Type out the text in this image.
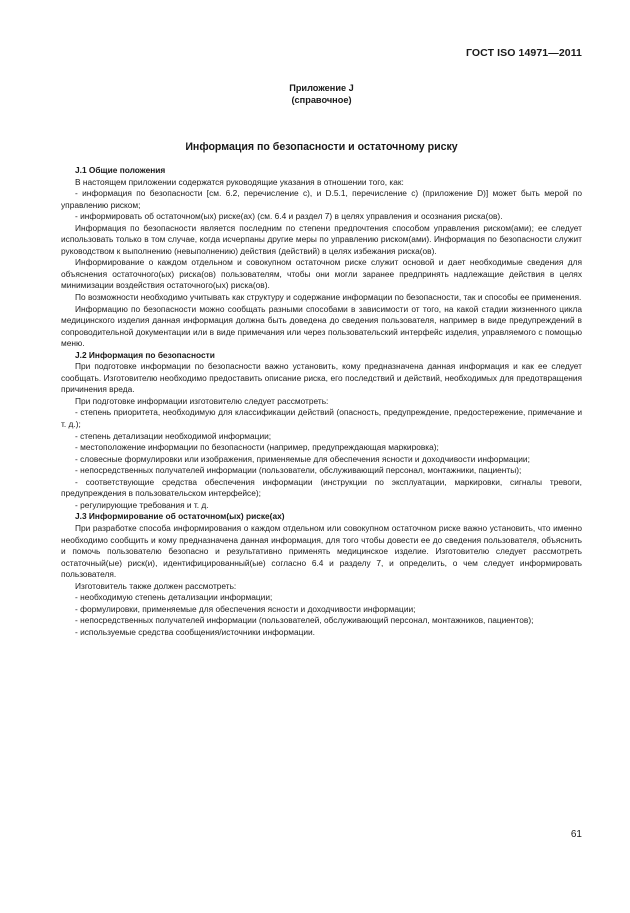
ГОСТ ISO 14971—2011
Приложение J
(справочное)
Информация по безопасности и остаточному риску

J.1 Общие положения

В настоящем приложении содержатся руководящие указания в отношении того, как:

- информация по безопасности [см. 6.2, перечисление c), и D.5.1, перечисление c) (приложение D)] может быть мерой по управлению риском;

- информировать об остаточном(ых) риске(ах) (см. 6.4 и раздел 7) в целях управления и осознания риска(ов).

Информация по безопасности является последним по степени предпочтения способом управления риском(ами); ее следует использовать только в том случае, когда исчерпаны другие меры по управлению риском(ами). Информация по безопасности служит руководством к выполнению (невыполнению) действия (действий) в целях избежания риска(ов).

Информирование о каждом отдельном и совокупном остаточном риске служит основой и дает необходимые сведения для объяснения остаточного(ых) риска(ов) пользователям, чтобы они могли заранее предпринять надлежащие действия в целях минимизации воздействия остаточного(ых) риска(ов).

По возможности необходимо учитывать как структуру и содержание информации по безопасности, так и способы ее применения.

Информацию по безопасности можно сообщать разными способами в зависимости от того, на какой стадии жизненного цикла медицинского изделия данная информация должна быть доведена до сведения пользователя, например в виде предупреждений в сопроводительной документации или в виде примечания или через пользовательский интерфейс изделия, управляемого с помощью меню.

J.2 Информация по безопасности

При подготовке информации по безопасности важно установить, кому предназначена данная информация и как ее следует сообщать. Изготовителю необходимо предоставить описание риска, его последствий и действий, необходимых для предотвращения причинения вреда.

При подготовке информации изготовителю следует рассмотреть:

- степень приоритета, необходимую для классификации действий (опасность, предупреждение, предостережение, примечание и т. д.);

- степень детализации необходимой информации;

- местоположение информации по безопасности (например, предупреждающая маркировка);

- словесные формулировки или изображения, применяемые для обеспечения ясности и доходчивости информации;

- непосредственных получателей информации (пользователи, обслуживающий персонал, монтажники, пациенты);

- соответствующие средства обеспечения информации (инструкции по эксплуатации, маркировки, сигналы тревоги, предупреждения в пользовательском интерфейсе);

- регулирующие требования и т. д.

J.3 Информирование об остаточном(ых) риске(ах)

При разработке способа информирования о каждом отдельном или совокупном остаточном риске важно установить, что именно необходимо сообщить и кому предназначена данная информация, для того чтобы довести ее до сведения пользователя, объяснить и помочь пользователю безопасно и результативно применять медицинское изделие. Изготовителю следует рассмотреть остаточный(ые) риск(и), идентифицированный(ые) согласно 6.4 и разделу 7, и определить, о чем следует информировать пользователя.

Изготовитель также должен рассмотреть:

- необходимую степень детализации информации;

- формулировки, применяемые для обеспечения ясности и доходчивости информации;

- непосредственных получателей информации (пользователей, обслуживающий персонал, монтажников, пациентов);

- используемые средства сообщения/источники информации.

61
